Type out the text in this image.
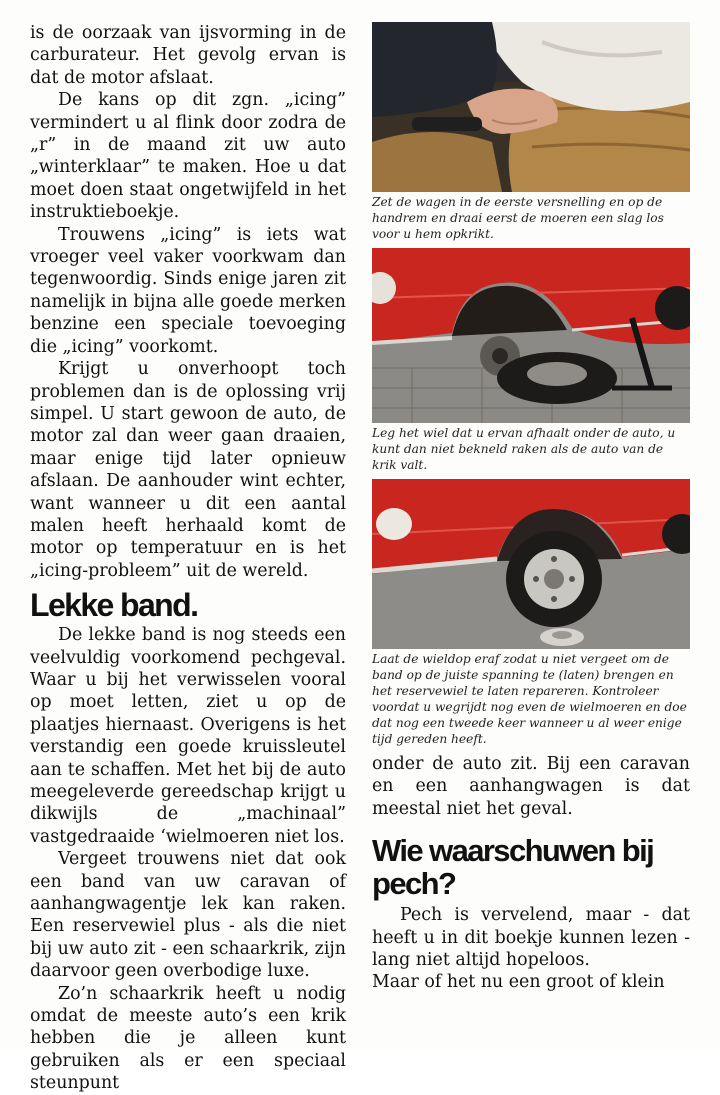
is de oorzaak van ijsvorming in de carburateur. Het gevolg ervan is dat de motor afslaat.

De kans op dit zgn. „icing” vermindert u al flink door zodra de „r” in de maand zit uw auto „winterklaar” te maken. Hoe u dat moet doen staat ongetwijfeld in het instruktieboekje.

Trouwens „icing” is iets wat vroeger veel vaker voorkwam dan tegenwoordig. Sinds enige jaren zit namelijk in bijna alle goede merken benzine een speciale toevoeging die „icing” voorkomt.

Krijgt u onverhoopt toch problemen dan is de oplossing vrij simpel. U start gewoon de auto, de motor zal dan weer gaan draaien, maar enige tijd later opnieuw afslaan. De aanhouder wint echter, want wanneer u dit een aantal malen heeft herhaald komt de motor op temperatuur en is het „icing-probleem” uit de wereld.

Lekke band.

De lekke band is nog steeds een veelvuldig voorkomend pechgeval. Waar u bij het verwisselen vooral op moet letten, ziet u op de plaatjes hiernaast. Overigens is het verstandig een goede kruissleutel aan te schaffen. Met het bij de auto meegeleverde gereedschap krijgt u dikwijls de „machinaal” vastgedraaide ‘wielmoeren niet los.

Vergeet trouwens niet dat ook een band van uw caravan of aanhangwagentje lek kan raken. Een reservewiel plus - als die niet bij uw auto zit - een schaarkrik, zijn daarvoor geen overbodige luxe.

Zo’n schaarkrik heeft u nodig omdat de meeste auto’s een krik hebben die je alleen kunt gebruiken als er een speciaal steunpunt

Zet de wagen in de eerste versnelling en op de handrem en draai eerst de moeren een slag los voor u hem opkrikt.

Leg het wiel dat u ervan afhaalt onder de auto, u kunt dan niet bekneld raken als de auto van de krik valt.

Laat de wieldop eraf zodat u niet vergeet om de band op de juiste spanning te (laten) brengen en het reservewiel te laten repareren. Kontroleer voordat u wegrijdt nog even de wielmoeren en doe dat nog een tweede keer wanneer u al weer enige tijd gereden heeft.

onder de auto zit. Bij een caravan en een aanhangwagen is dat meestal niet het geval.

Wie waarschuwen bij pech?

Pech is vervelend, maar - dat heeft u in dit boekje kunnen lezen - lang niet altijd hopeloos.

Maar of het nu een groot of klein
